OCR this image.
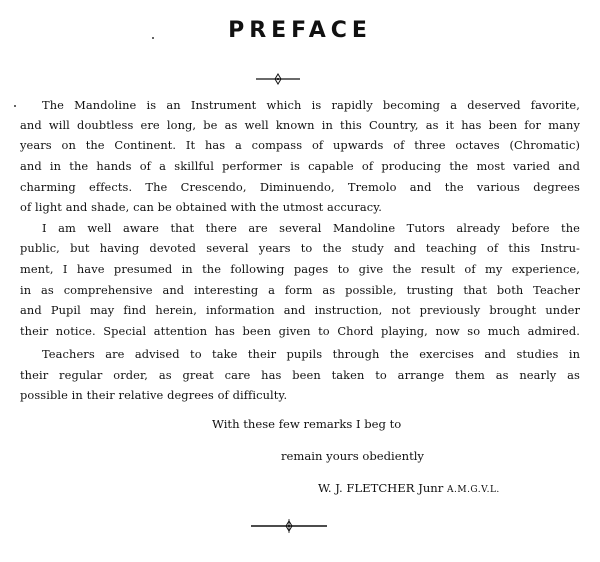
PREFACE
The Mandoline is an Instrument which is rapidly becoming a deserved favorite,
and will doubtless ere long, be as well known in this Country, as it has been for many
years on the Continent. It has a compass of upwards of three octaves (Chromatic)
and in the hands of a skillful performer is capable of producing the most varied and
charming effects. The Crescendo, Diminuendo, Tremolo and the various degrees
of light and shade, can be obtained with the utmost accuracy.
I am well aware that there are several Mandoline Tutors already before the
public, but having devoted several years to the study and teaching of this Instru-
ment, I have presumed in the following pages to give the result of my experience,
in as comprehensive and interesting a form as possible, trusting that both Teacher
and Pupil may find herein, information and instruction, not previously brought under
their notice. Special attention has been given to Chord playing, now so much admired.
Teachers are advised to take their pupils through the exercises and studies in
their regular order, as great care has been taken to arrange them as nearly as
possible in their relative degrees of difficulty.
With these few remarks I beg to
remain yours obediently
W. J. FLETCHER Junr A.M.G.V.L.
